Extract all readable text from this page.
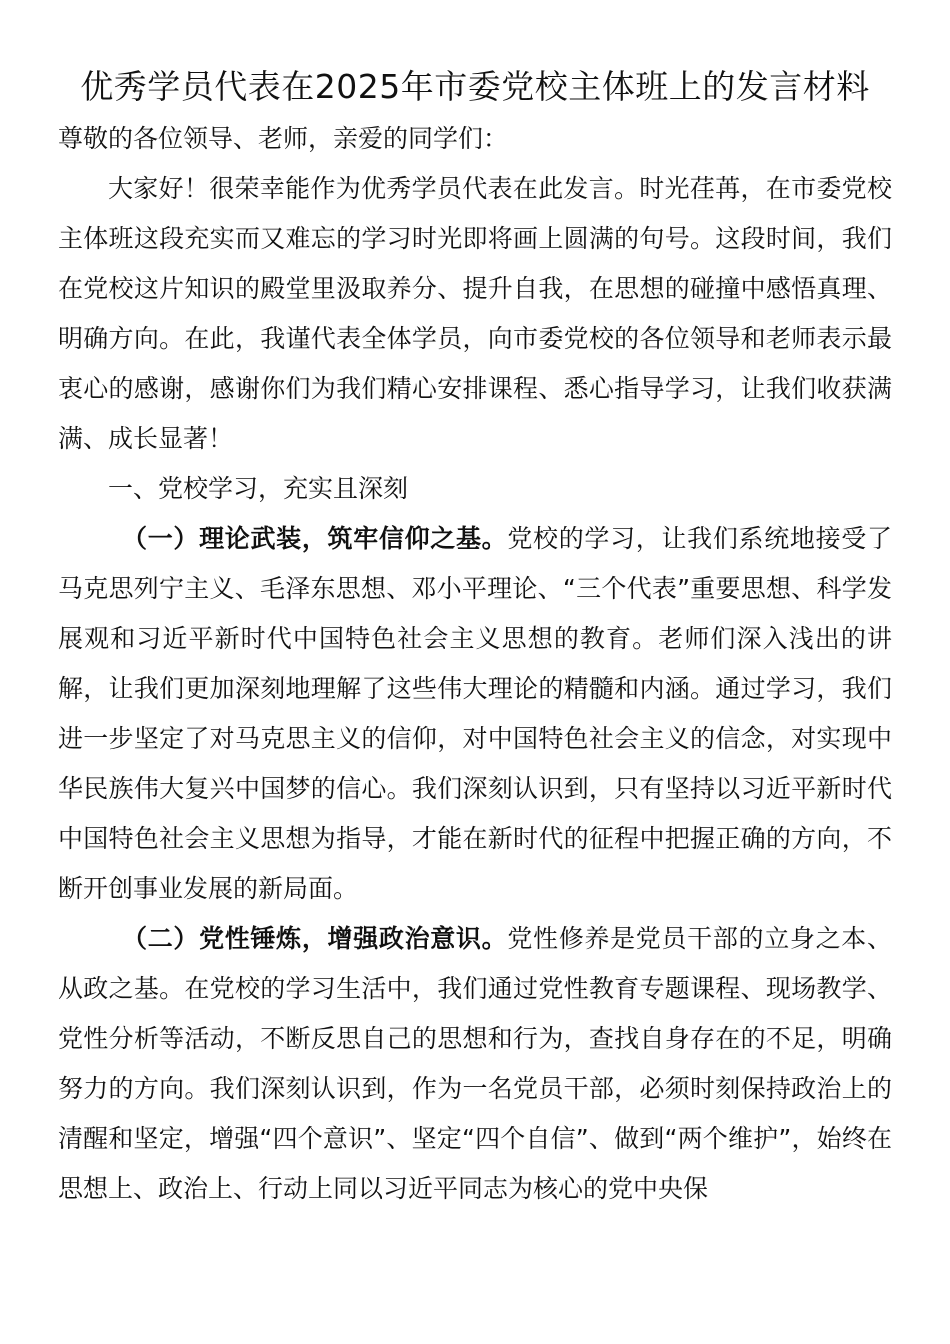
优秀学员代表在2025年市委党校主体班上的发言材料

尊敬的各位领导、老师，亲爱的同学们：

大家好！很荣幸能作为优秀学员代表在此发言。时光荏苒，在市委党校主体班这段充实而又难忘的学习时光即将画上圆满的句号。这段时间，我们在党校这片知识的殿堂里汲取养分、提升自我，在思想的碰撞中感悟真理、明确方向。在此，我谨代表全体学员，向市委党校的各位领导和老师表示最衷心的感谢，感谢你们为我们精心安排课程、悉心指导学习，让我们收获满满、成长显著！

一、党校学习，充实且深刻

（一）理论武装，筑牢信仰之基。党校的学习，让我们系统地接受了马克思列宁主义、毛泽东思想、邓小平理论、“三个代表”重要思想、科学发展观和习近平新时代中国特色社会主义思想的教育。老师们深入浅出的讲解，让我们更加深刻地理解了这些伟大理论的精髓和内涵。通过学习，我们进一步坚定了对马克思主义的信仰，对中国特色社会主义的信念，对实现中华民族伟大复兴中国梦的信心。我们深刻认识到，只有坚持以习近平新时代中国特色社会主义思想为指导，才能在新时代的征程中把握正确的方向，不断开创事业发展的新局面。

（二）党性锤炼，增强政治意识。党性修养是党员干部的立身之本、从政之基。在党校的学习生活中，我们通过党性教育专题课程、现场教学、党性分析等活动，不断反思自己的思想和行为，查找自身存在的不足，明确努力的方向。我们深刻认识到，作为一名党员干部，必须时刻保持政治上的清醒和坚定，增强“四个意识”、坚定“四个自信”、做到“两个维护”，始终在思想上、政治上、行动上同以习近平同志为核心的党中央保
